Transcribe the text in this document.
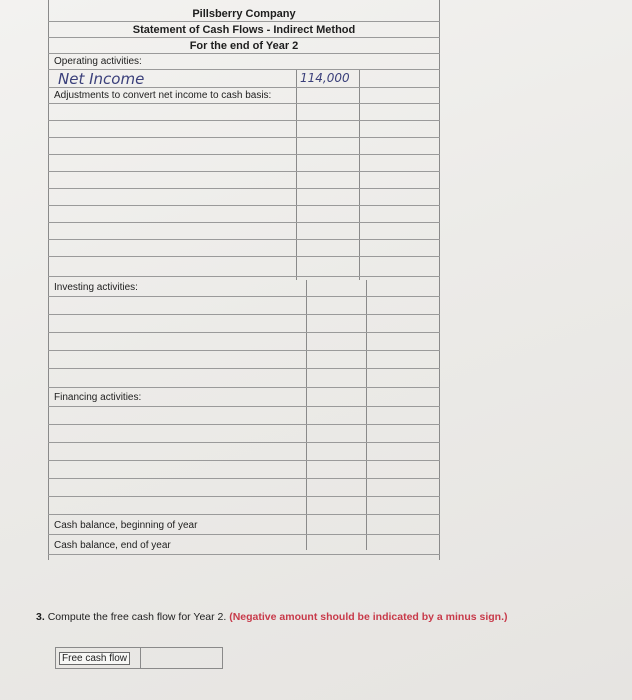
Pillsberry Company
Statement of Cash Flows - Indirect Method
For the end of Year 2
Operating activities:
Net Income	114,000
Adjustments to convert net income to cash basis:
Investing activities:
Financing activities:
Cash balance, beginning of year
Cash balance, end of year
3. Compute the free cash flow for Year 2. (Negative amount should be indicated by a minus sign.)
Free cash flow
